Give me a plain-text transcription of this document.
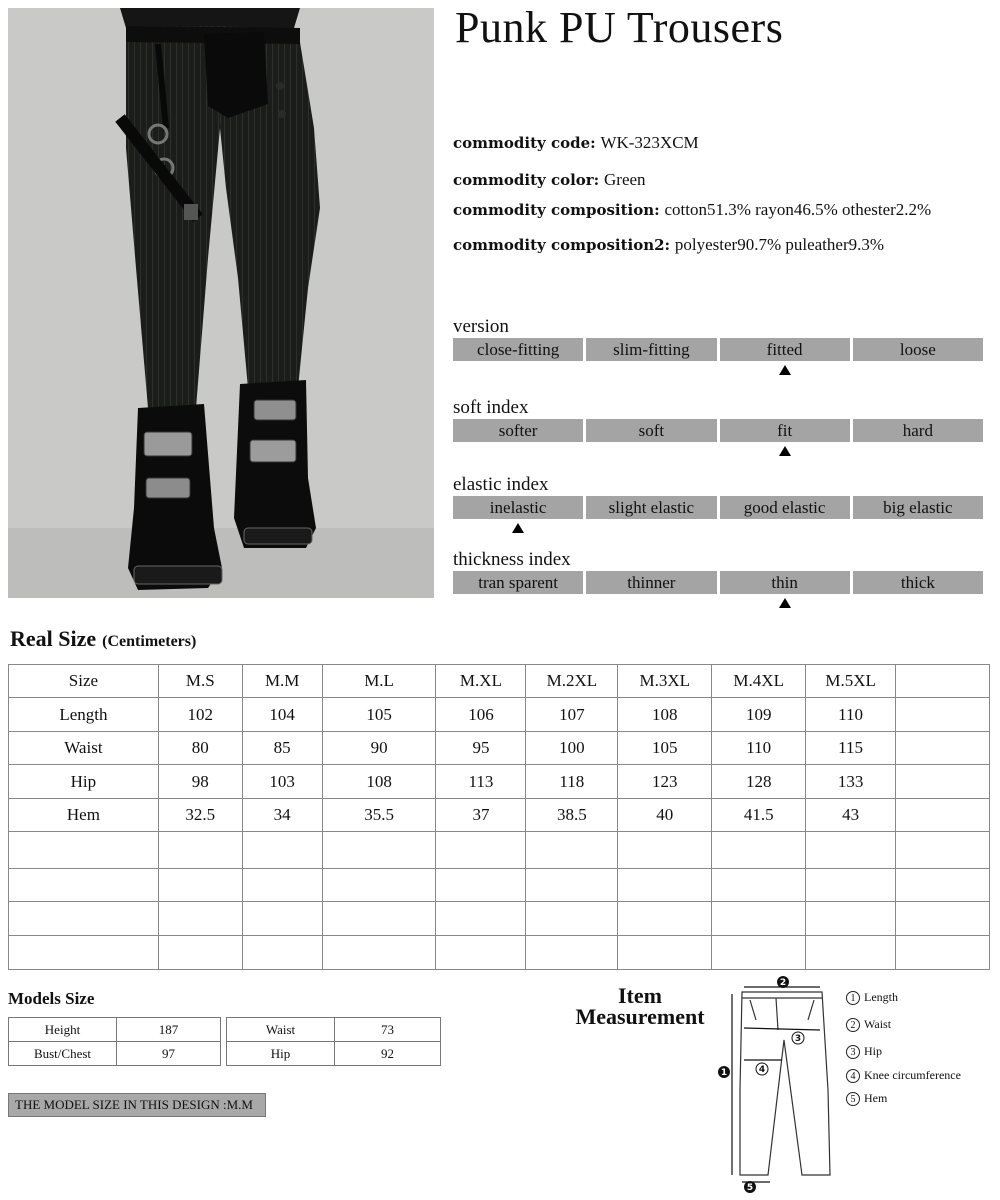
Punk PU Trousers
commodity code: WK-323XCM
commodity color: Green
commodity composition: cotton51.3% rayon46.5% othester2.2%
commodity composition2: polyester90.7% puleather9.3%
version
close-fitting	slim-fitting	fitted	loose
soft index
softer	soft	fit	hard
elastic index
inelastic	slight elastic	good elastic	big elastic
thickness index
tran sparent	thinner	thin	thick
Real Size (Centimeters)
Size	M.S	M.M	M.L	M.XL	M.2XL	M.3XL	M.4XL	M.5XL	
Length	102	104	105	106	107	108	109	110	
Waist	80	85	90	95	100	105	110	115	
Hip	98	103	108	113	118	123	128	133	
Hem	32.5	34	35.5	37	38.5	40	41.5	43	

Models Size
Height	187
Bust/Chest	97
Waist	73
Hip	92
THE MODEL SIZE IN THIS DESIGN :M.M
Item
Measurement
2
3
4
1
5
1 Length
2 Waist
3 Hip
4 Knee circumference
5 Hem
